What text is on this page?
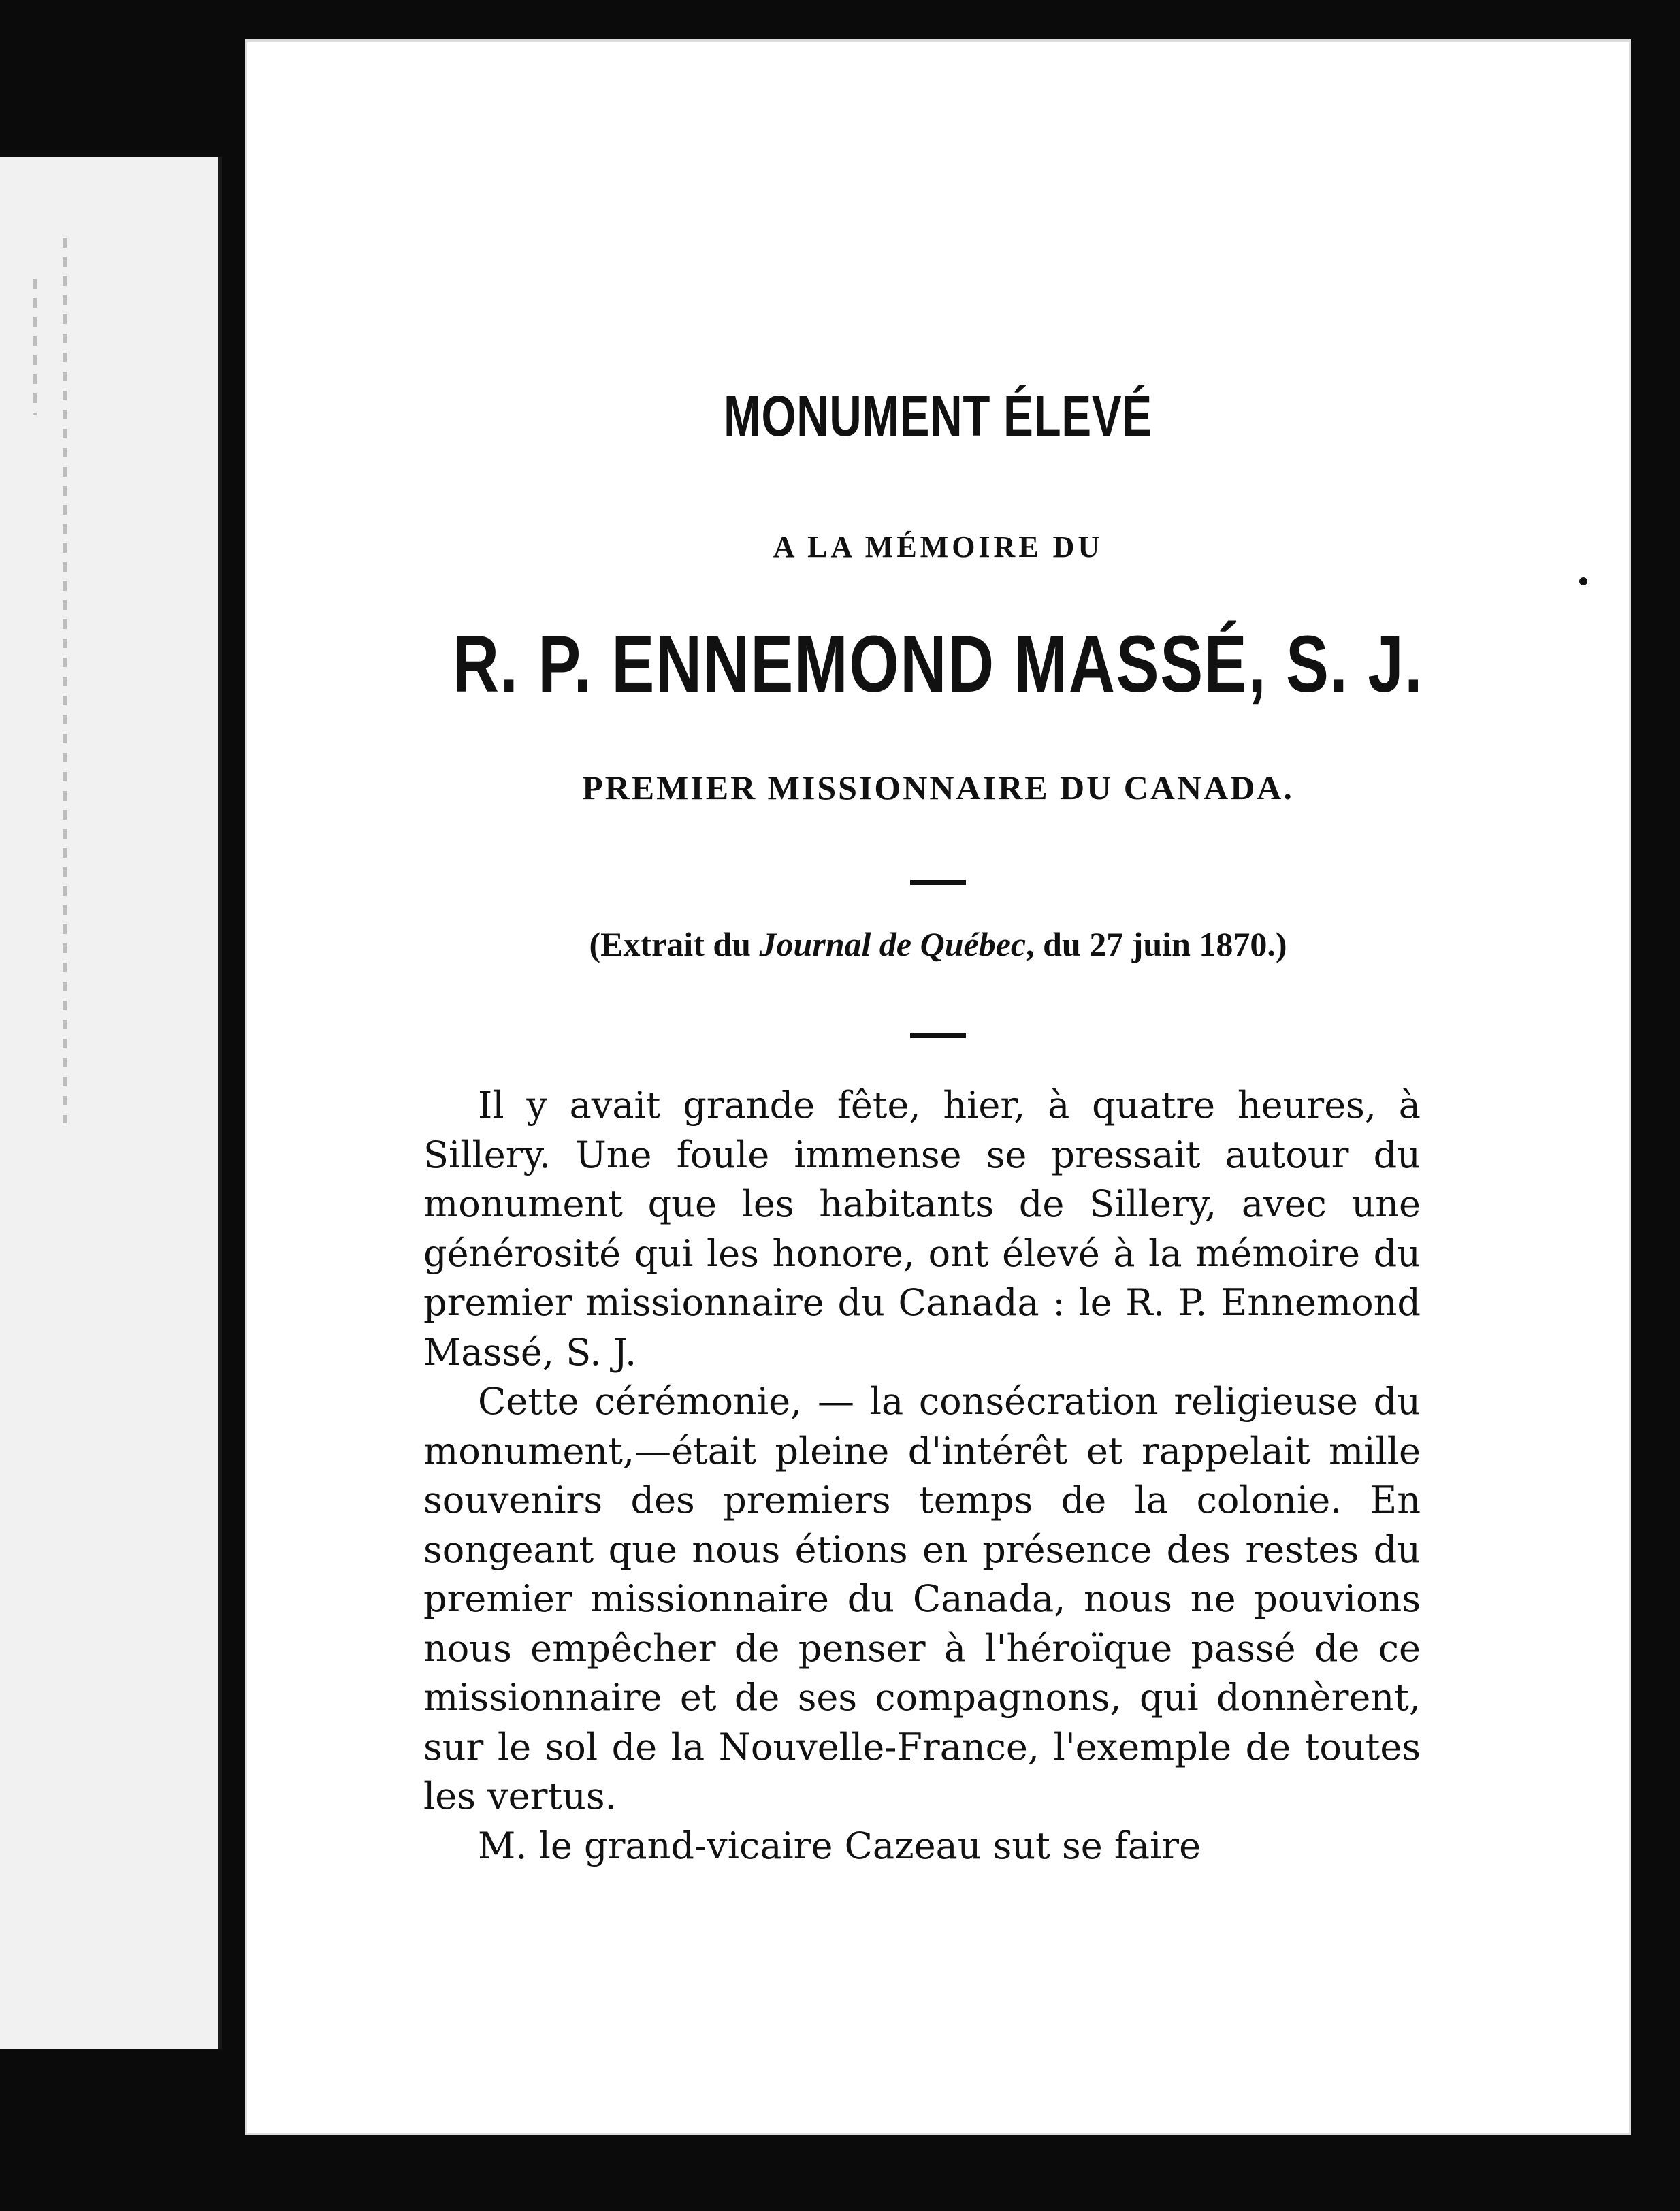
MONUMENT ÉLEVÉ
A LA MÉMOIRE DU
R. P. ENNEMOND MASSÉ, S. J.
PREMIER MISSIONNAIRE DU CANADA.
(Extrait du Journal de Québec, du 27 juin 1870.)

Il y avait grande fête, hier, à quatre heures, à Sillery. Une foule immense se pressait autour du monument que les habitants de Sillery, avec une générosité qui les honore, ont élevé à la mémoire du premier missionnaire du Canada : le R. P. Ennemond Massé, S. J.

Cette cérémonie, — la consécration religieuse du monument,—était pleine d'intérêt et rappelait mille souvenirs des premiers temps de la colonie. En songeant que nous étions en présence des restes du premier missionnaire du Canada, nous ne pouvions nous empêcher de penser à l'héroïque passé de ce missionnaire et de ses compagnons, qui donnèrent, sur le sol de la Nouvelle-France, l'exemple de toutes les vertus.

M. le grand-vicaire Cazeau sut se faire
